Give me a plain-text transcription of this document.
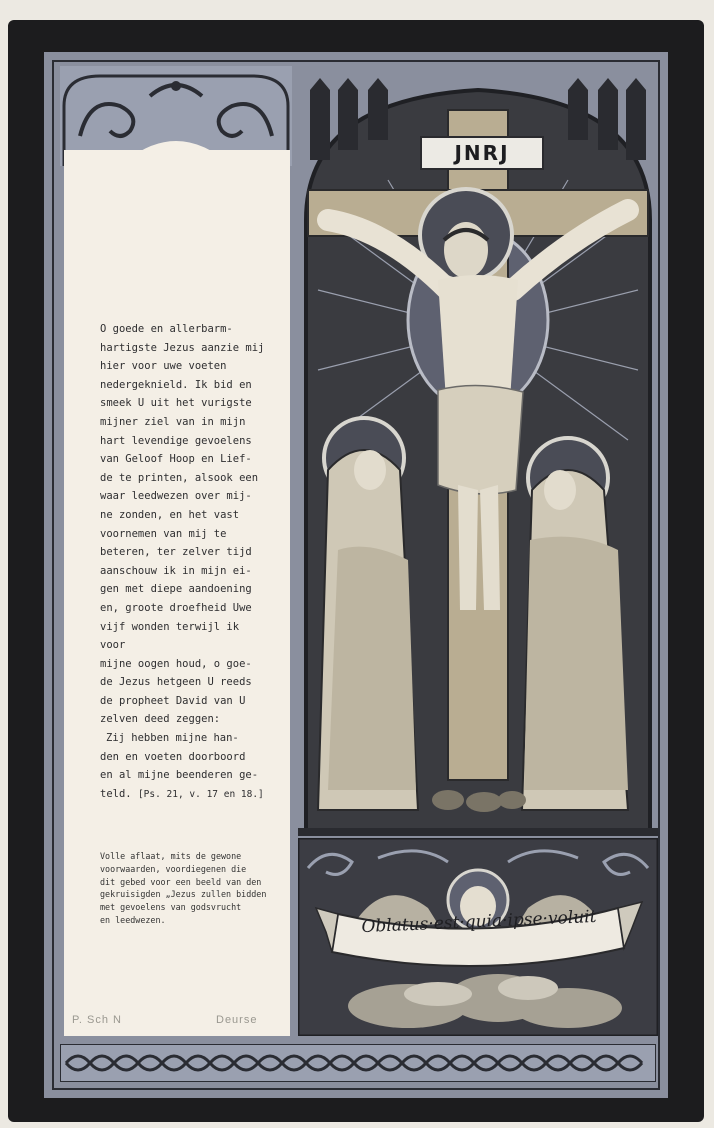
O goede en allerbarm-

hartigste Jezus aanzie mij

hier voor uwe voeten

nedergeknield. Ik bid en

smeek U uit het vurigste

mijner ziel van in mijn

hart levendige gevoelens

van Geloof Hoop en Lief-

de te printen, alsook een

waar leedwezen over mij-

ne zonden, en het vast

voornemen van mij te

beteren, ter zelver tijd

aanschouw ik in mijn ei-

gen met diepe aandoening

en, groote droefheid Uwe

vijf wonden terwijl ik voor

mijne oogen houd, o goe-

de Jezus hetgeen U reeds

de propheet David van U

zelven deed zeggen:

Zij hebben mijne han-

den en voeten doorboord

en al mijne beenderen ge-

teld. [Ps. 21, v. 17 en 18.]

Volle aflaat, mits de gewone
voorwaarden, voordiegenen die
dit gebed voor een beeld van den
gekruisigden „Jezus zullen bidden
met gevoelens van godsvrucht
en leedwezen.
P. Sch N	Deurse
JNRJ
Oblatus·est·quia·ipse·voluit
